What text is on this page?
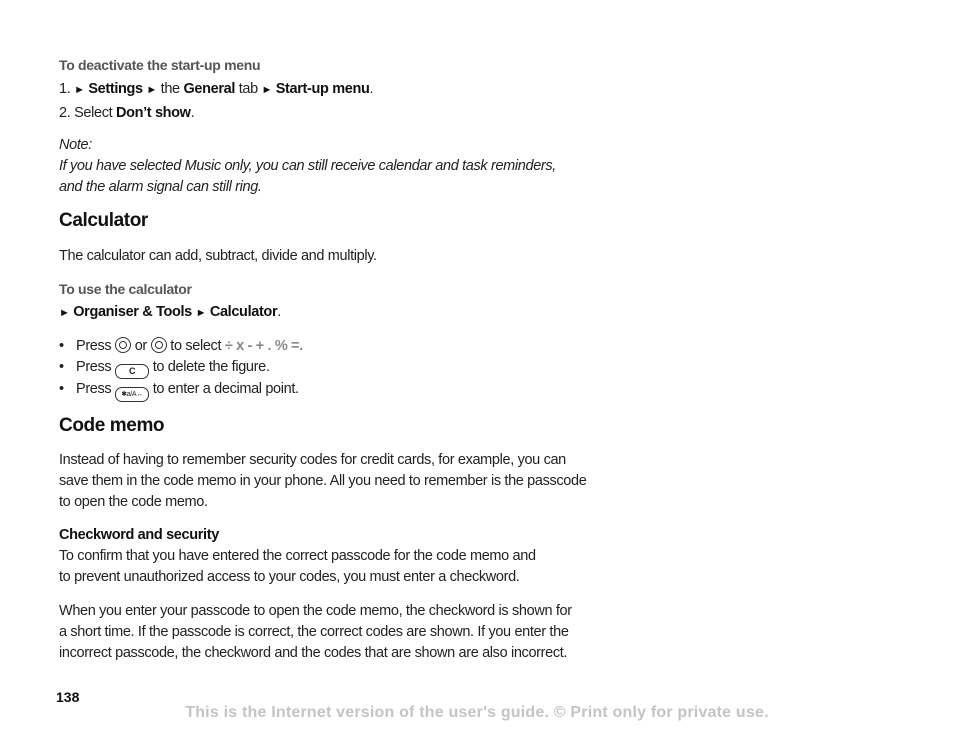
To deactivate the start-up menu

1. ► Settings ► the General tab ► Start-up menu.

2. Select Don’t show.

Note:

If you have selected Music only, you can still receive calendar and task reminders,

and the alarm signal can still ring.

Calculator

The calculator can add, subtract, divide and multiply.

To use the calculator

► Organiser & Tools ► Calculator.

• Press or to select ÷ x - + . % =.
• Press C to delete the figure.
• Press ✱a/A↔ to enter a decimal point.
Code memo

Instead of having to remember security codes for credit cards, for example, you can

save them in the code memo in your phone. All you need to remember is the passcode

to open the code memo.

Checkword and security

To confirm that you have entered the correct passcode for the code memo and

to prevent unauthorized access to your codes, you must enter a checkword.

When you enter your passcode to open the code memo, the checkword is shown for

a short time. If the passcode is correct, the correct codes are shown. If you enter the

incorrect passcode, the checkword and the codes that are shown are also incorrect.

138
This is the Internet version of the user's guide. © Print only for private use.
